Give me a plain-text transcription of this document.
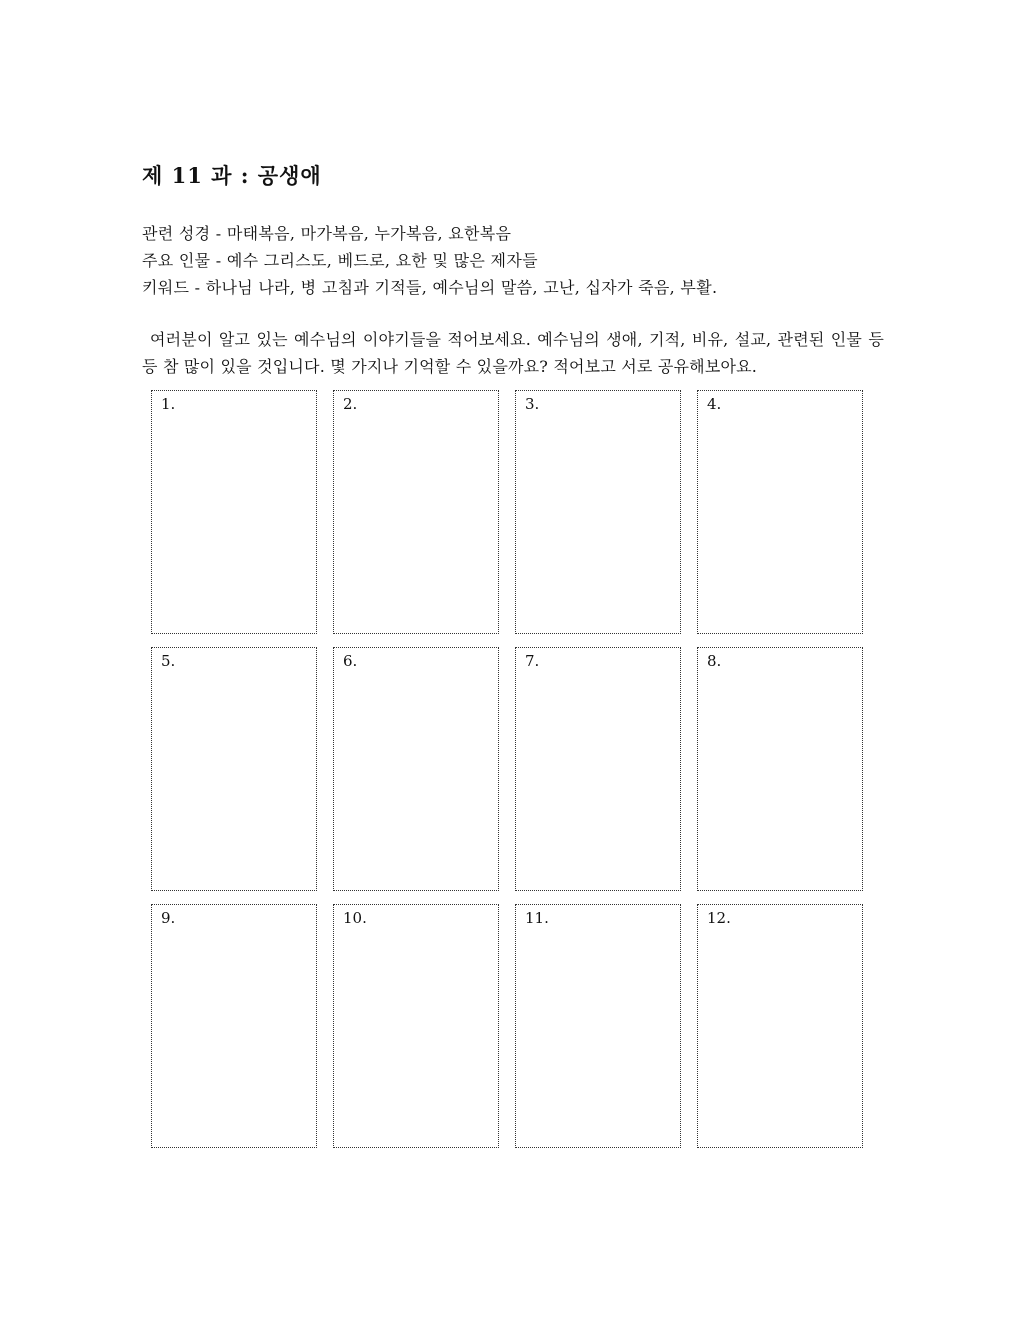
제 11 과 : 공생애
관련 성경 - 마태복음, 마가복음, 누가복음, 요한복음
주요 인물 - 예수 그리스도, 베드로, 요한 및 많은 제자들
키워드 - 하나님 나라, 병 고침과 기적들, 예수님의 말씀, 고난, 십자가 죽음, 부활.
여러분이 알고 있는 예수님의 이야기들을 적어보세요. 예수님의 생애, 기적, 비유, 설교, 관련된 인물 등등 참 많이 있을 것입니다. 몇 가지나 기억할 수 있을까요? 적어보고 서로 공유해보아요.
1.	2.	3.	4.
5.	6.	7.	8.
9.	10.	11.	12.
